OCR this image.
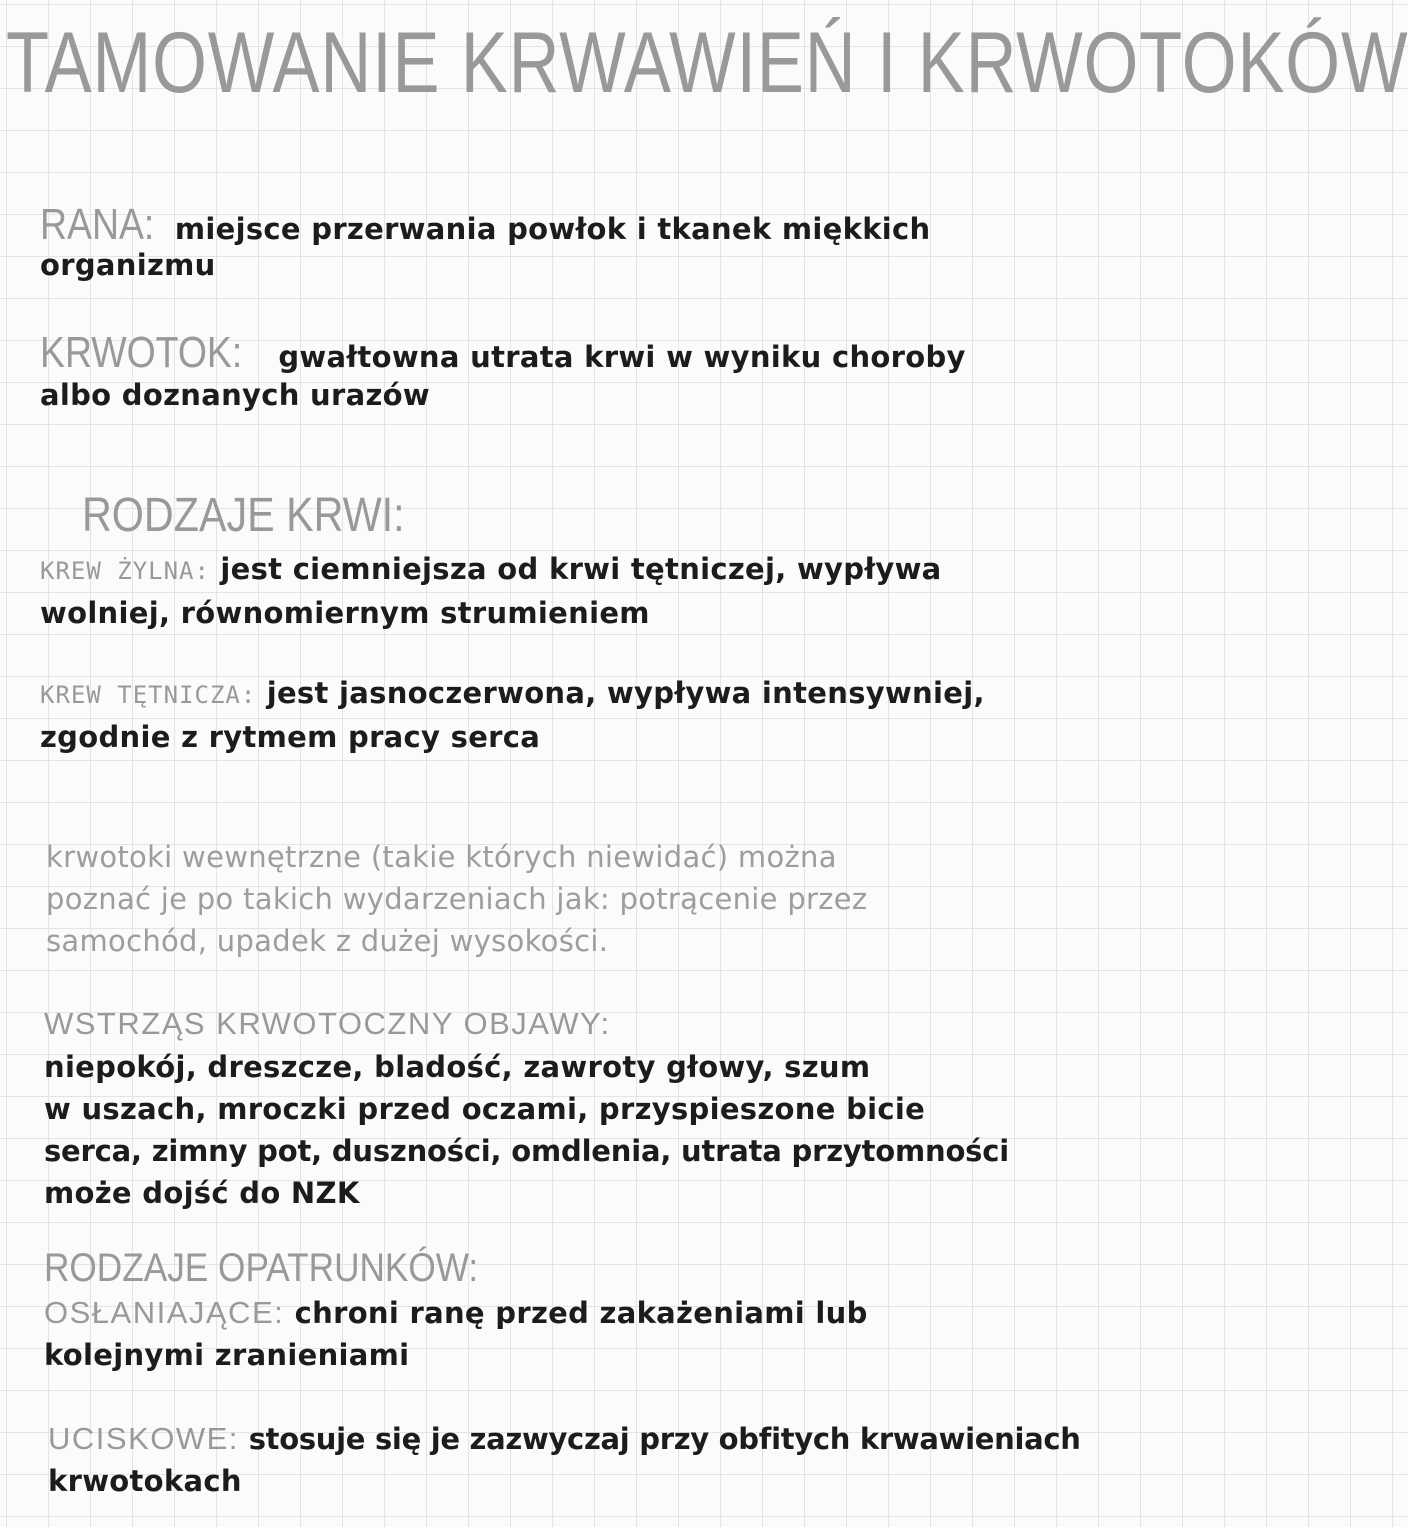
TAMOWANIE KRWAWIEŃ I KRWOTOKÓW
RANA: miejsce przerwania powłok i tkanek miękkich
organizmu
KRWOTOK: gwałtowna utrata krwi w wyniku choroby
albo doznanych urazów
RODZAJE KRWI:
KREW ŻYLNA: jest ciemniejsza od krwi tętniczej, wypływa
wolniej, równomiernym strumieniem
KREW TĘTNICZA: jest jasnoczerwona, wypływa intensywniej,
zgodnie z rytmem pracy serca
krwotoki wewnętrzne (takie których niewidać) można
poznać je po takich wydarzeniach jak: potrącenie przez
samochód, upadek z dużej wysokości.
WSTRZĄS KRWOTOCZNY OBJAWY:
niepokój, dreszcze, bladość, zawroty głowy, szum
w uszach, mroczki przed oczami, przyspieszone bicie
serca, zimny pot, duszności, omdlenia, utrata przytomności
może dojść do NZK
RODZAJE OPATRUNKÓW:
OSŁANIAJĄCE: chroni ranę przed zakażeniami lub
kolejnymi zranieniami
UCISKOWE: stosuje się je zazwyczaj przy obfitych krwawieniach
krwotokach
